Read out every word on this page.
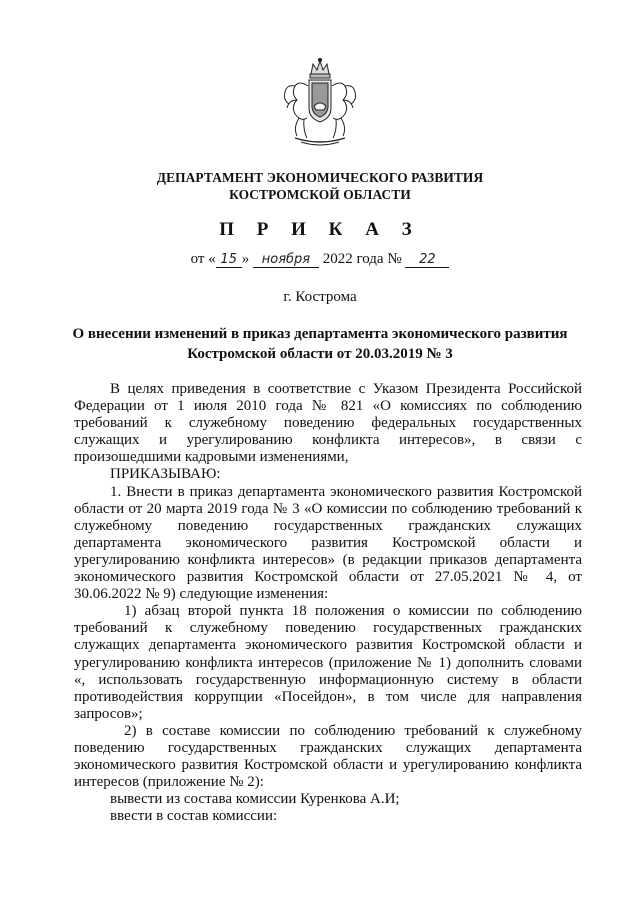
ДЕПАРТАМЕНТ ЭКОНОМИЧЕСКОГО РАЗВИТИЯ
КОСТРОМСКОЙ ОБЛАСТИ
П Р И К А З
от « 15 » ноября 2022 года № 22
г. Кострома
О внесении изменений в приказ департамента экономического развития
Костромской области от 20.03.2019 № 3

В целях приведения в соответствие с Указом Президента Российской Федерации от 1 июля 2010 года № 821 «О комиссиях по соблюдению требований к служебному поведению федеральных государственных служащих и урегулированию конфликта интересов», в связи с произошедшими кадровыми изменениями,

ПРИКАЗЫВАЮ:

1. Внести в приказ департамента экономического развития Костромской области от 20 марта 2019 года № 3 «О комиссии по соблюдению требований к служебному поведению государственных гражданских служащих департамента экономического развития Костромской области и урегулированию конфликта интересов» (в редакции приказов департамента экономического развития Костромской области от 27.05.2021 № 4, от 30.06.2022 № 9) следующие изменения:

1) абзац второй пункта 18 положения о комиссии по соблюдению требований к служебному поведению государственных гражданских служащих департамента экономического развития Костромской области и урегулированию конфликта интересов (приложение № 1) дополнить словами «, использовать государственную информационную систему в области противодействия коррупции «Посейдон», в том числе для направления запросов»;

2) в составе комиссии по соблюдению требований к служебному поведению государственных гражданских служащих департамента экономического развития Костромской области и урегулированию конфликта интересов (приложение № 2):

вывести из состава комиссии Куренкова А.И;

ввести в состав комиссии:
